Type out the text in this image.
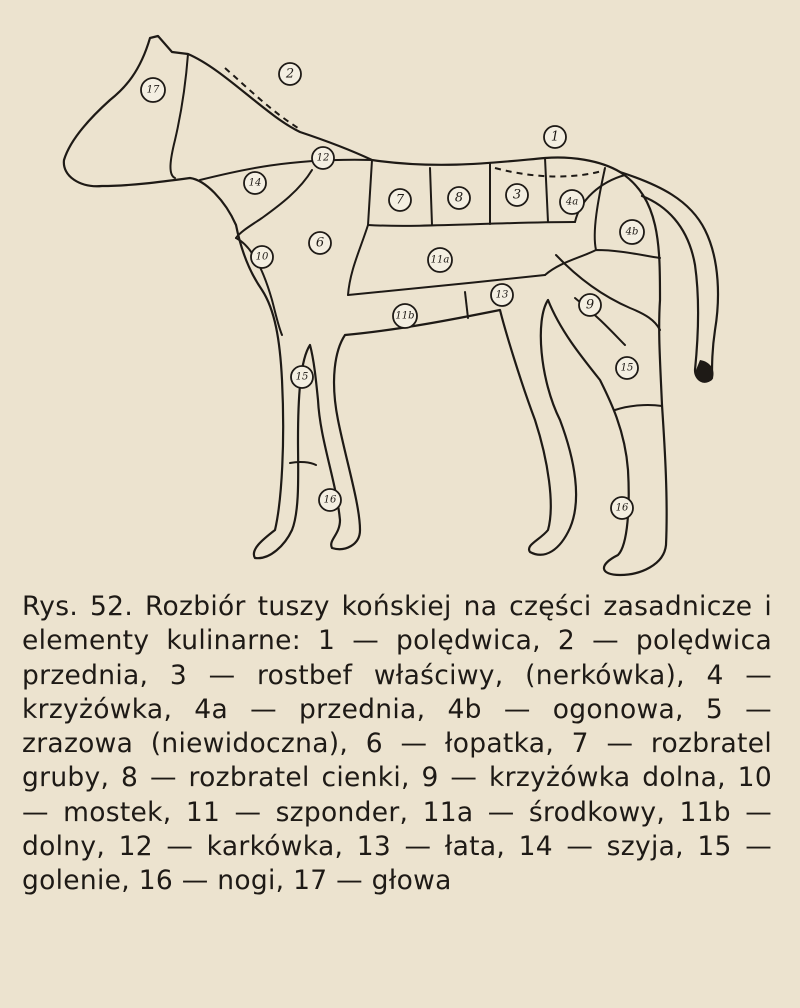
1
2
3	4a
4b
6
7	8
9
10	11a
11b
12
13
14
15
15
16
16
17
Rys. 52. Rozbiór tuszy końskiej na części zasadnicze i elementy kulinarne: 1 — polędwica, 2 — polędwica przednia, 3 — rostbef właściwy, (nerkówka), 4 — krzyżówka, 4a — przednia, 4b — ogonowa, 5 — zrazowa (niewidoczna), 6 — łopatka, 7 — rozbratel gruby, 8 — rozbratel cienki, 9 — krzyżówka dolna, 10 — mostek, 11 — szponder, 11a — środkowy, 11b — dolny, 12 — karkówka, 13 — łata, 14 — szyja, 15 — golenie, 16 — nogi, 17 — głowa
